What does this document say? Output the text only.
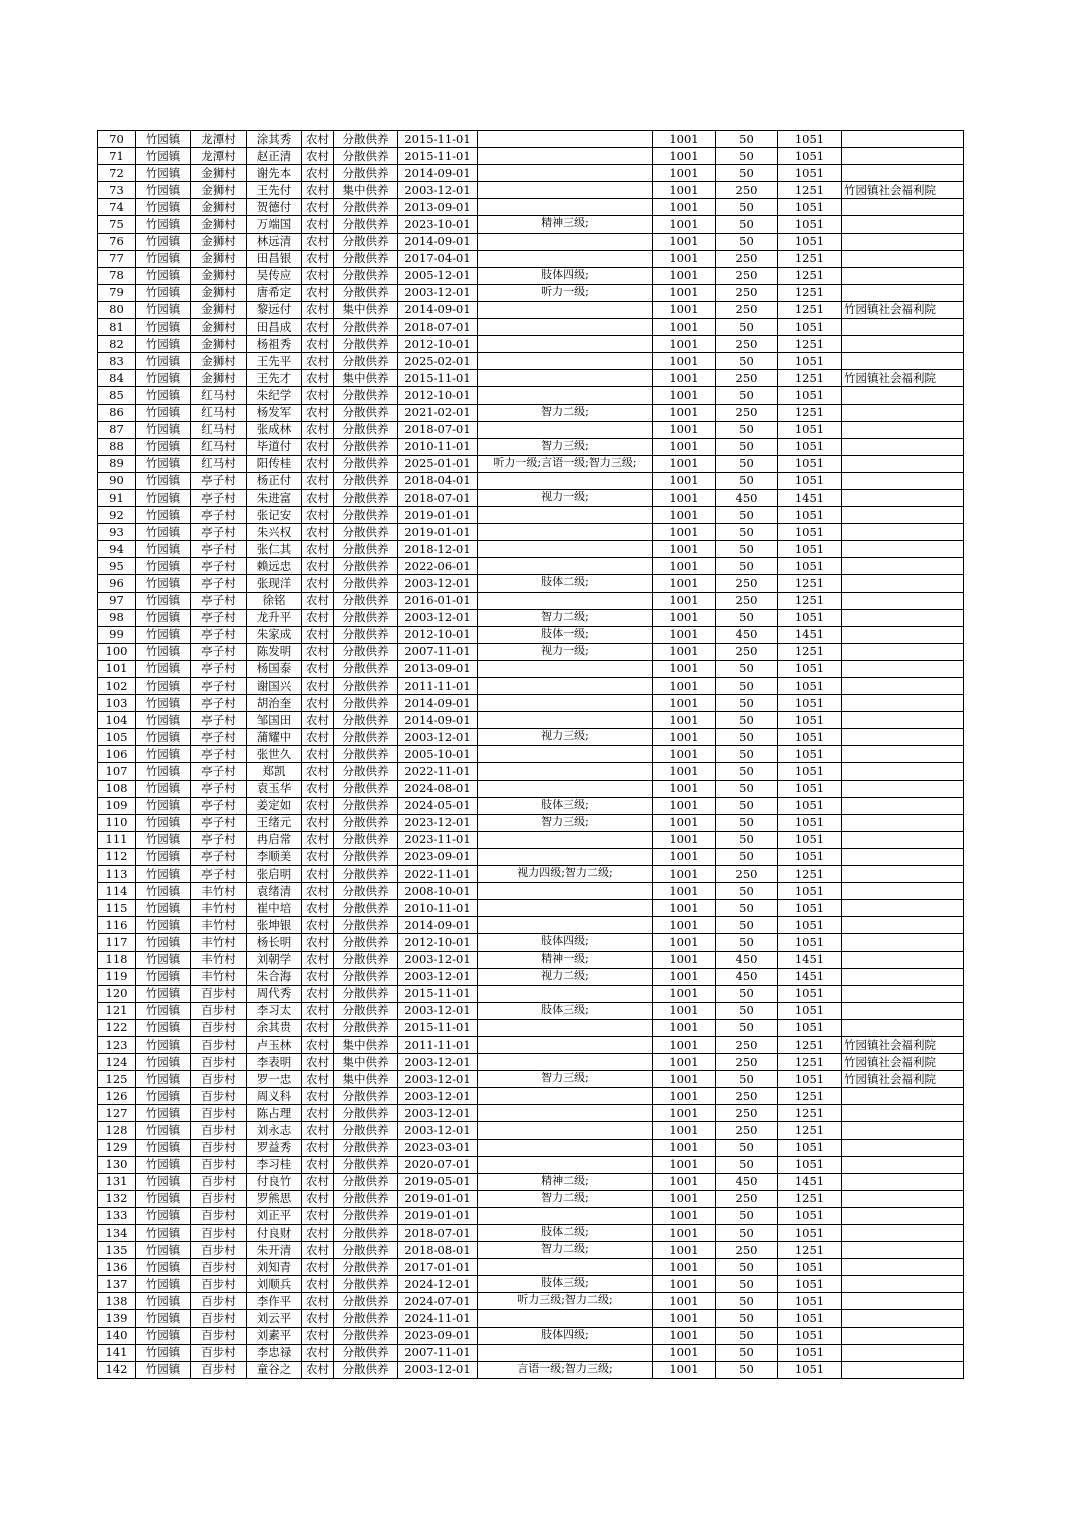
70	竹园镇	龙潭村	涂其秀	农村	分散供养	2015-11-01		1001	50	1051	
71	竹园镇	龙潭村	赵正清	农村	分散供养	2015-11-01		1001	50	1051	
72	竹园镇	金狮村	谢先本	农村	分散供养	2014-09-01		1001	50	1051	
73	竹园镇	金狮村	王先付	农村	集中供养	2003-12-01		1001	250	1251	竹园镇社会福利院
74	竹园镇	金狮村	贺德付	农村	分散供养	2013-09-01		1001	50	1051	
75	竹园镇	金狮村	万端国	农村	分散供养	2023-10-01	精神三级;	1001	50	1051	
76	竹园镇	金狮村	林远清	农村	分散供养	2014-09-01		1001	50	1051	
77	竹园镇	金狮村	田昌银	农村	分散供养	2017-04-01		1001	250	1251	
78	竹园镇	金狮村	吴传应	农村	分散供养	2005-12-01	肢体四级;	1001	250	1251	
79	竹园镇	金狮村	唐希定	农村	分散供养	2003-12-01	听力一级;	1001	250	1251	
80	竹园镇	金狮村	黎远付	农村	集中供养	2014-09-01		1001	250	1251	竹园镇社会福利院
81	竹园镇	金狮村	田昌成	农村	分散供养	2018-07-01		1001	50	1051	
82	竹园镇	金狮村	杨祖秀	农村	分散供养	2012-10-01		1001	250	1251	
83	竹园镇	金狮村	王先平	农村	分散供养	2025-02-01		1001	50	1051	
84	竹园镇	金狮村	王先才	农村	集中供养	2015-11-01		1001	250	1251	竹园镇社会福利院
85	竹园镇	红马村	朱纪学	农村	分散供养	2012-10-01		1001	50	1051	
86	竹园镇	红马村	杨发军	农村	分散供养	2021-02-01	智力二级;	1001	250	1251	
87	竹园镇	红马村	张成林	农村	分散供养	2018-07-01		1001	50	1051	
88	竹园镇	红马村	毕道付	农村	分散供养	2010-11-01	智力三级;	1001	50	1051	
89	竹园镇	红马村	阳传桂	农村	分散供养	2025-01-01	听力一级;言语一级;智力三级;	1001	50	1051	
90	竹园镇	亭子村	杨正付	农村	分散供养	2018-04-01		1001	50	1051	
91	竹园镇	亭子村	朱进富	农村	分散供养	2018-07-01	视力一级;	1001	450	1451	
92	竹园镇	亭子村	张记安	农村	分散供养	2019-01-01		1001	50	1051	
93	竹园镇	亭子村	朱兴权	农村	分散供养	2019-01-01		1001	50	1051	
94	竹园镇	亭子村	张仁其	农村	分散供养	2018-12-01		1001	50	1051	
95	竹园镇	亭子村	赖远忠	农村	分散供养	2022-06-01		1001	50	1051	
96	竹园镇	亭子村	张现洋	农村	分散供养	2003-12-01	肢体二级;	1001	250	1251	
97	竹园镇	亭子村	徐铭	农村	分散供养	2016-01-01		1001	250	1251	
98	竹园镇	亭子村	龙升平	农村	分散供养	2003-12-01	智力二级;	1001	50	1051	
99	竹园镇	亭子村	朱家成	农村	分散供养	2012-10-01	肢体一级;	1001	450	1451	
100	竹园镇	亭子村	陈发明	农村	分散供养	2007-11-01	视力一级;	1001	250	1251	
101	竹园镇	亭子村	杨国泰	农村	分散供养	2013-09-01		1001	50	1051	
102	竹园镇	亭子村	谢国兴	农村	分散供养	2011-11-01		1001	50	1051	
103	竹园镇	亭子村	胡治奎	农村	分散供养	2014-09-01		1001	50	1051	
104	竹园镇	亭子村	邹国田	农村	分散供养	2014-09-01		1001	50	1051	
105	竹园镇	亭子村	蒲耀中	农村	分散供养	2003-12-01	视力三级;	1001	50	1051	
106	竹园镇	亭子村	张世久	农村	分散供养	2005-10-01		1001	50	1051	
107	竹园镇	亭子村	郑凯	农村	分散供养	2022-11-01		1001	50	1051	
108	竹园镇	亭子村	袁玉华	农村	分散供养	2024-08-01		1001	50	1051	
109	竹园镇	亭子村	姜定如	农村	分散供养	2024-05-01	肢体三级;	1001	50	1051	
110	竹园镇	亭子村	王绪元	农村	分散供养	2023-12-01	智力三级;	1001	50	1051	
111	竹园镇	亭子村	冉启常	农村	分散供养	2023-11-01		1001	50	1051	
112	竹园镇	亭子村	李顺美	农村	分散供养	2023-09-01		1001	50	1051	
113	竹园镇	亭子村	张启明	农村	分散供养	2022-11-01	视力四级;智力二级;	1001	250	1251	
114	竹园镇	丰竹村	袁绪清	农村	分散供养	2008-10-01		1001	50	1051	
115	竹园镇	丰竹村	崔中培	农村	分散供养	2010-11-01		1001	50	1051	
116	竹园镇	丰竹村	张坤银	农村	分散供养	2014-09-01		1001	50	1051	
117	竹园镇	丰竹村	杨长明	农村	分散供养	2012-10-01	肢体四级;	1001	50	1051	
118	竹园镇	丰竹村	刘朝学	农村	分散供养	2003-12-01	精神一级;	1001	450	1451	
119	竹园镇	丰竹村	朱合海	农村	分散供养	2003-12-01	视力二级;	1001	450	1451	
120	竹园镇	百步村	周代秀	农村	分散供养	2015-11-01		1001	50	1051	
121	竹园镇	百步村	李习太	农村	分散供养	2003-12-01	肢体三级;	1001	50	1051	
122	竹园镇	百步村	余其贵	农村	分散供养	2015-11-01		1001	50	1051	
123	竹园镇	百步村	卢玉林	农村	集中供养	2011-11-01		1001	250	1251	竹园镇社会福利院
124	竹园镇	百步村	李表明	农村	集中供养	2003-12-01		1001	250	1251	竹园镇社会福利院
125	竹园镇	百步村	罗一忠	农村	集中供养	2003-12-01	智力三级;	1001	50	1051	竹园镇社会福利院
126	竹园镇	百步村	周义科	农村	分散供养	2003-12-01		1001	250	1251	
127	竹园镇	百步村	陈占理	农村	分散供养	2003-12-01		1001	250	1251	
128	竹园镇	百步村	刘永志	农村	分散供养	2003-12-01		1001	250	1251	
129	竹园镇	百步村	罗益秀	农村	分散供养	2023-03-01		1001	50	1051	
130	竹园镇	百步村	李习桂	农村	分散供养	2020-07-01		1001	50	1051	
131	竹园镇	百步村	付良竹	农村	分散供养	2019-05-01	精神二级;	1001	450	1451	
132	竹园镇	百步村	罗熊思	农村	分散供养	2019-01-01	智力二级;	1001	250	1251	
133	竹园镇	百步村	刘正平	农村	分散供养	2019-01-01		1001	50	1051	
134	竹园镇	百步村	付良财	农村	分散供养	2018-07-01	肢体二级;	1001	50	1051	
135	竹园镇	百步村	朱开清	农村	分散供养	2018-08-01	智力二级;	1001	250	1251	
136	竹园镇	百步村	刘知青	农村	分散供养	2017-01-01		1001	50	1051	
137	竹园镇	百步村	刘顺兵	农村	分散供养	2024-12-01	肢体三级;	1001	50	1051	
138	竹园镇	百步村	李作平	农村	分散供养	2024-07-01	听力三级;智力二级;	1001	50	1051	
139	竹园镇	百步村	刘云平	农村	分散供养	2024-11-01		1001	50	1051	
140	竹园镇	百步村	刘素平	农村	分散供养	2023-09-01	肢体四级;	1001	50	1051	
141	竹园镇	百步村	李忠禄	农村	分散供养	2007-11-01		1001	50	1051	
142	竹园镇	百步村	童谷之	农村	分散供养	2003-12-01	言语一级;智力三级;	1001	50	1051	
